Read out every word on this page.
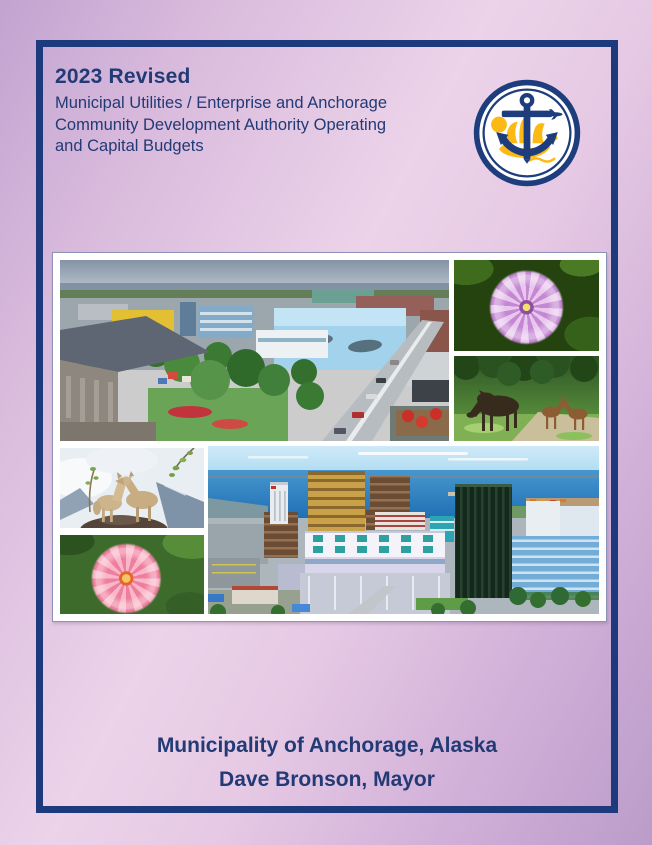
2023 Revised
Municipal Utilities / Enterprise and Anchorage
Community Development Authority Operating
and Capital Budgets
Municipality of Anchorage, Alaska
Dave Bronson, Mayor
